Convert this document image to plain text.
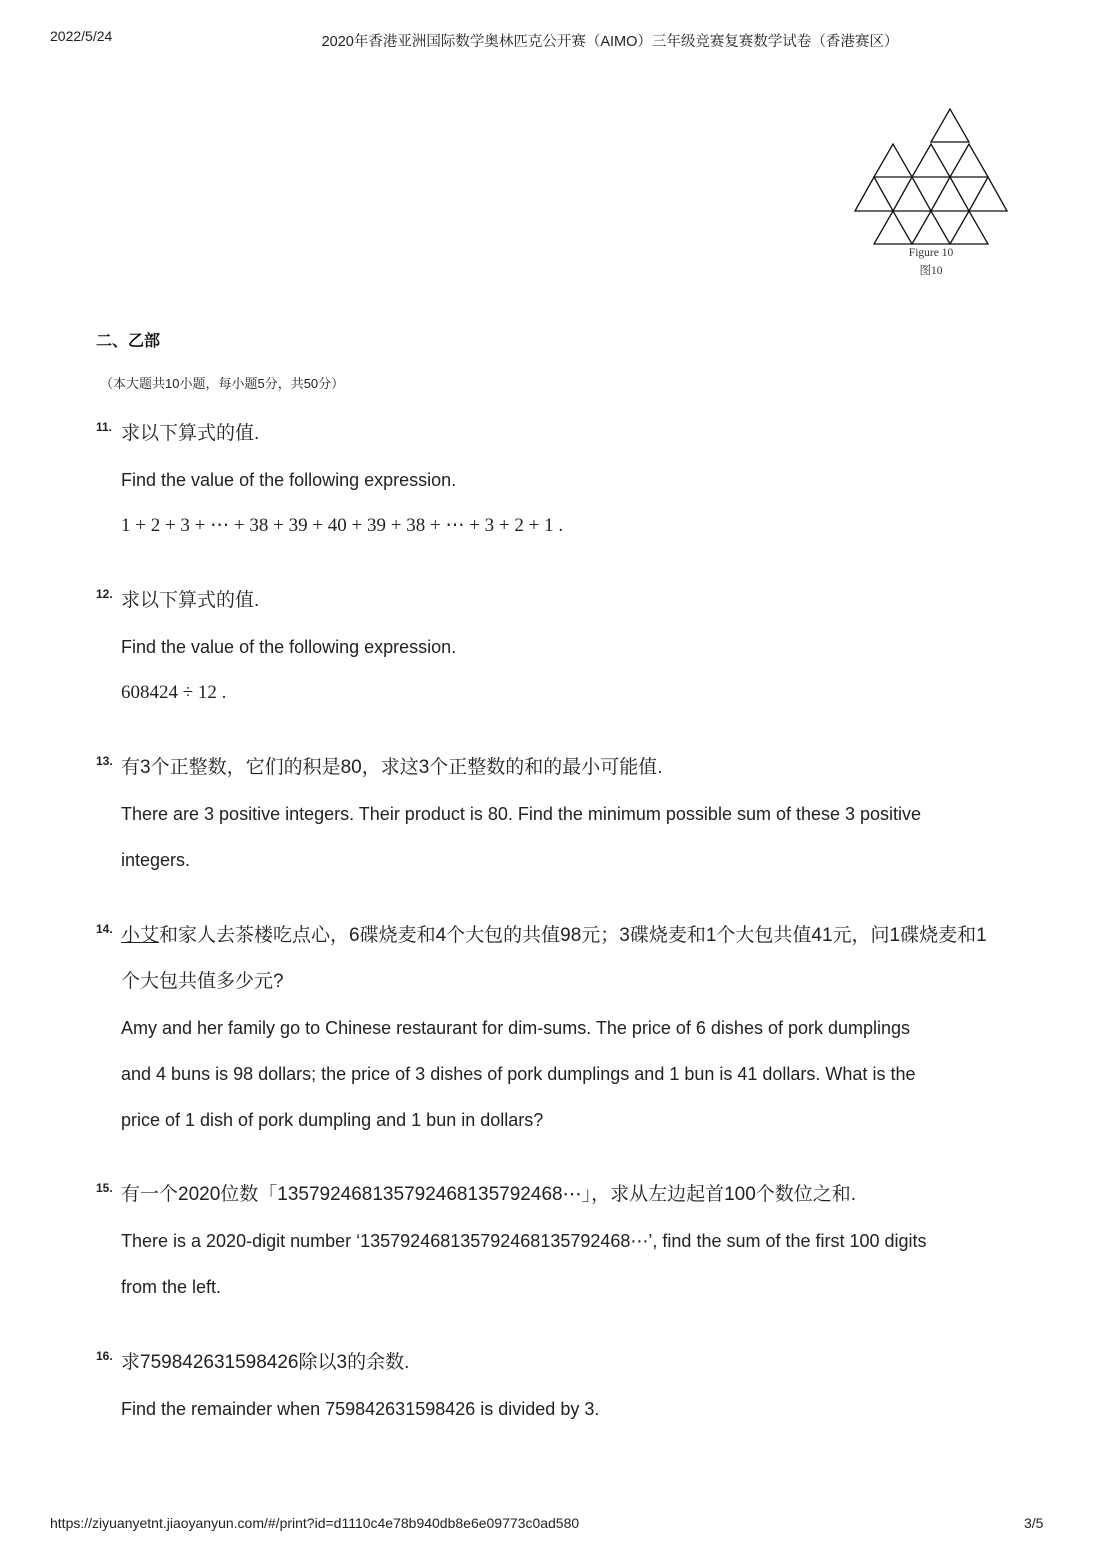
2022/5/24	2020年香港亚洲国际数学奥林匹克公开赛（AIMO）三年级竞赛复赛数学试卷（香港赛区）
Figure 10
图10
二、乙部
（本大题共10小题，每小题5分，共50分）
11. 求以下算式的值.
Find the value of the following expression.
1 + 2 + 3 + ⋯ + 38 + 39 + 40 + 39 + 38 + ⋯ + 3 + 2 + 1 .
12. 求以下算式的值.
Find the value of the following expression.
608424 ÷ 12 .
13. 有3个正整数，它们的积是80，求这3个正整数的和的最小可能值.
There are 3 positive integers. Their product is 80. Find the minimum possible sum of these 3 positive
integers.
14. 小艾和家人去茶楼吃点心，6碟烧麦和4个大包的共值98元；3碟烧麦和1个大包共值41元，问1碟烧麦和1
个大包共值多少元?
Amy and her family go to Chinese restaurant for dim-sums. The price of 6 dishes of pork dumplings
and 4 buns is 98 dollars; the price of 3 dishes of pork dumplings and 1 bun is 41 dollars. What is the
price of 1 dish of pork dumpling and 1 bun in dollars?
15. 有一个2020位数「135792468135792468135792468⋯」，求从左边起首100个数位之和.
There is a 2020-digit number ‘135792468135792468135792468⋯’, find the sum of the first 100 digits
from the left.
16. 求759842631598426除以3的余数.
Find the remainder when 759842631598426 is divided by 3.
https://ziyuanyetnt.jiaoyanyun.com/#/print?id=d1110c4e78b940db8e6e09773c0ad580	3/5
